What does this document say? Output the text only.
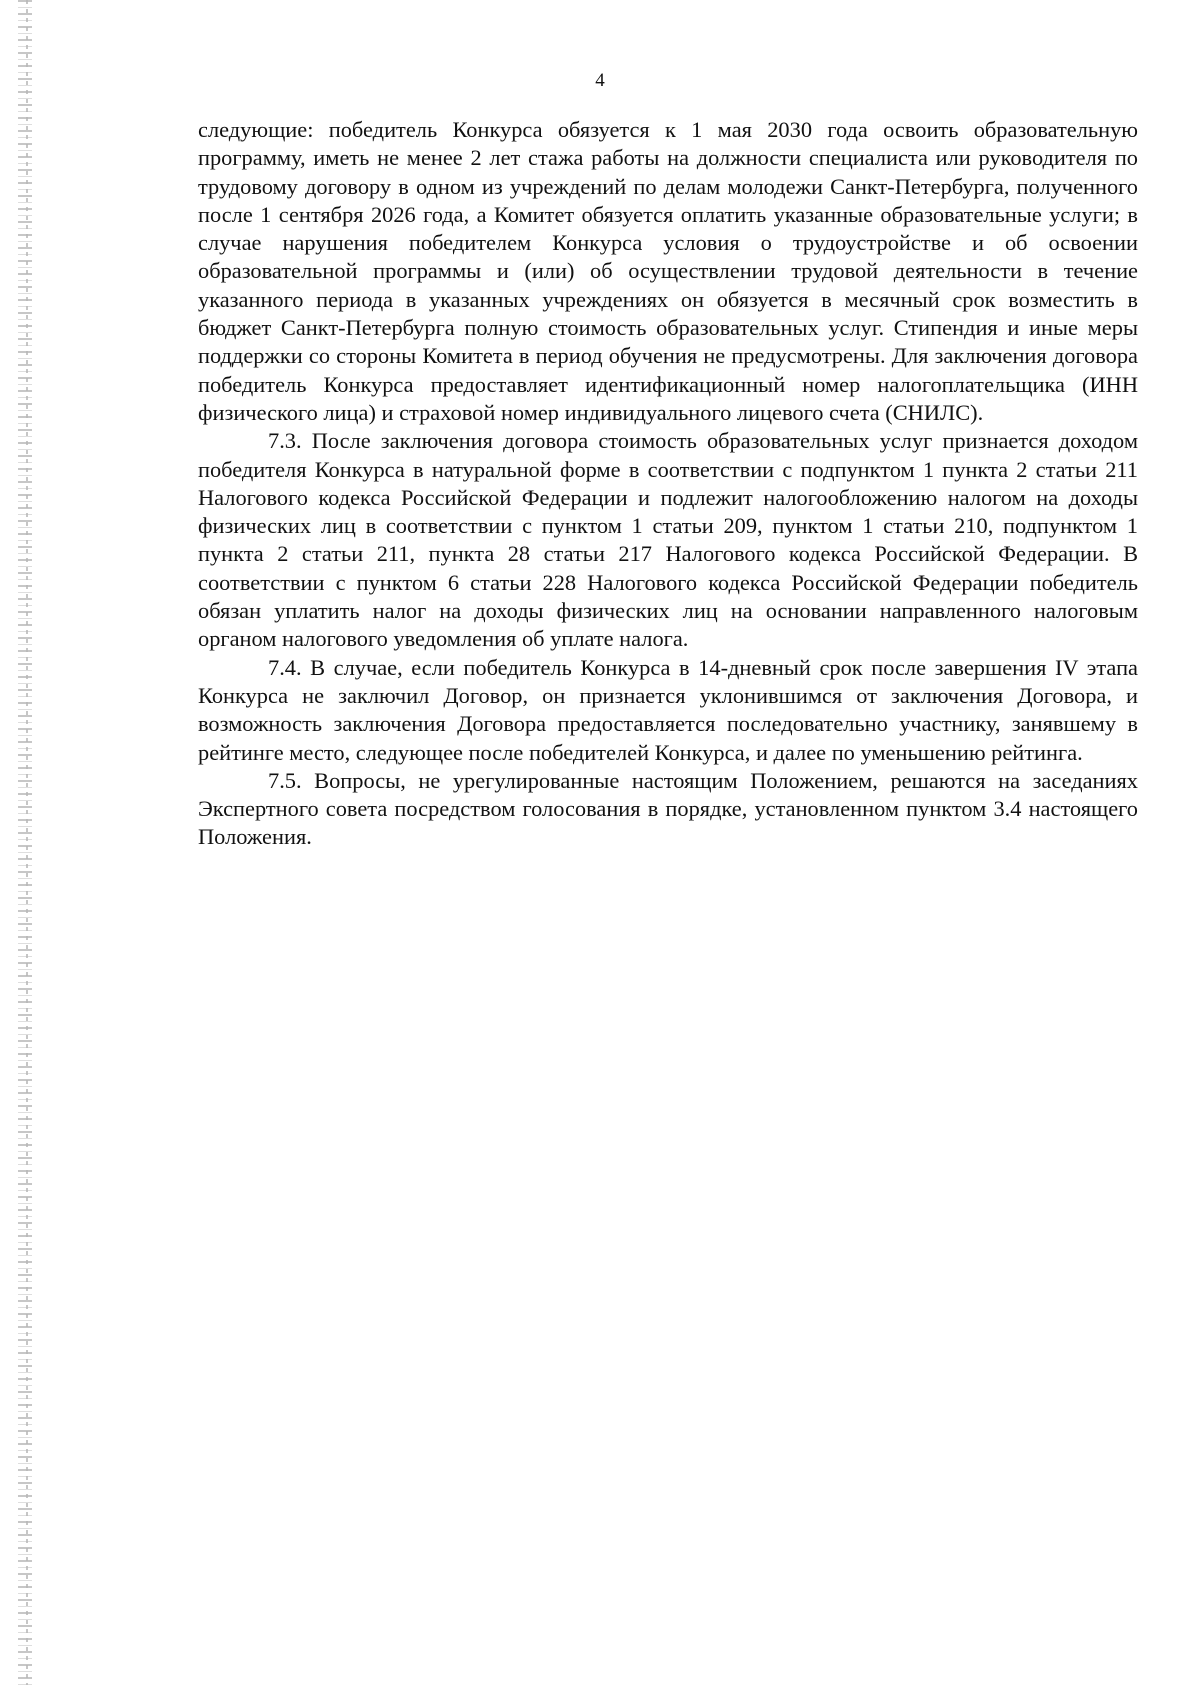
4

следующие: победитель Конкурса обязуется к 1 мая 2030 года освоить образовательную программу, иметь не менее 2 лет стажа работы на должности специалиста или руководителя по трудовому договору в одном из учреждений по делам молодежи Санкт-Петербурга, полученного после 1 сентября 2026 года, а Комитет обязуется оплатить указанные образовательные услуги; в случае нарушения победителем Конкурса условия о трудоустройстве и об освоении образовательной программы и (или) об осуществлении трудовой деятельности в течение указанного периода в указанных учреждениях он обязуется в месячный срок возместить в бюджет Санкт-Петербурга полную стоимость образовательных услуг. Стипендия и иные меры поддержки со стороны Комитета в период обучения не предусмотрены. Для заключения договора победитель Конкурса предоставляет идентификационный номер налогоплательщика (ИНН физического лица) и страховой номер индивидуального лицевого счета (СНИЛС).

7.3. После заключения договора стоимость образовательных услуг признается доходом победителя Конкурса в натуральной форме в соответствии с подпунктом 1 пункта 2 статьи 211 Налогового кодекса Российской Федерации и подлежит налогообложению налогом на доходы физических лиц в соответствии с пунктом 1 статьи 209, пунктом 1 статьи 210, подпунктом 1 пункта 2 статьи 211, пункта 28 статьи 217 Налогового кодекса Российской Федерации. В соответствии с пунктом 6 статьи 228 Налогового кодекса Российской Федерации победитель обязан уплатить налог на доходы физических лиц на основании направленного налоговым органом налогового уведомления об уплате налога.

7.4. В случае, если победитель Конкурса в 14-дневный срок после завершения IV этапа Конкурса не заключил Договор, он признается уклонившимся от заключения Договора, и возможность заключения Договора предоставляется последовательно участнику, занявшему в рейтинге место, следующее после победителей Конкурса, и далее по уменьшению рейтинга.

7.5. Вопросы, не урегулированные настоящим Положением, решаются на заседаниях Экспертного совета посредством голосования в порядке, установленном пунктом 3.4 настоящего Положения.
